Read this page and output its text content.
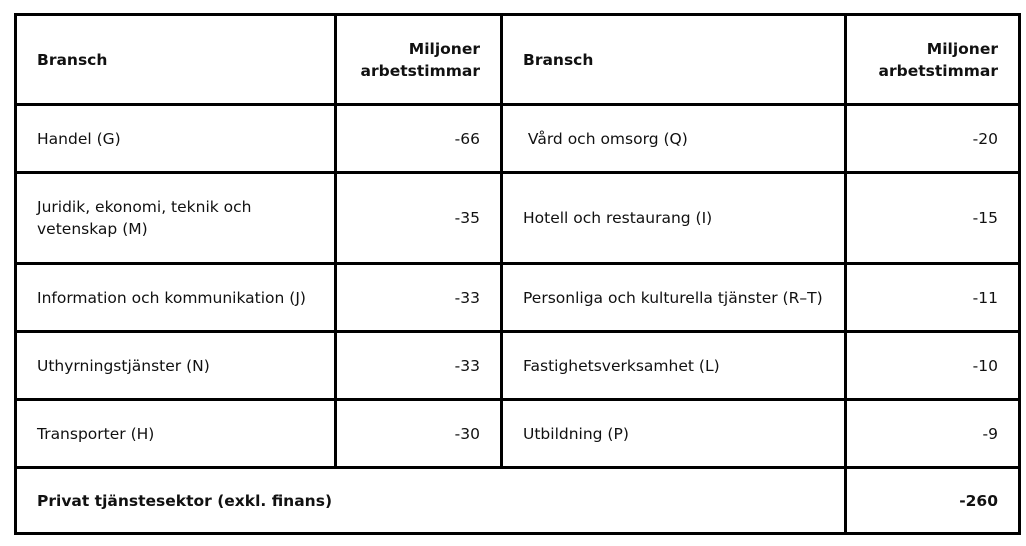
Bransch	Miljoner arbetstimmar	Bransch	Miljoner arbetstimmar
Handel (G)	-66	Vård och omsorg (Q)	-20
Juridik, ekonomi, teknik och vetenskap (M)	-35	Hotell och restaurang (I)	-15
Information och kommunikation (J)	-33	Personliga och kulturella tjänster (R–T)	-11
Uthyrningstjänster (N)	-33	Fastighetsverksamhet (L)	-10
Transporter (H)	-30	Utbildning (P)	-9
Privat tjänstesektor (exkl. finans)			-260
